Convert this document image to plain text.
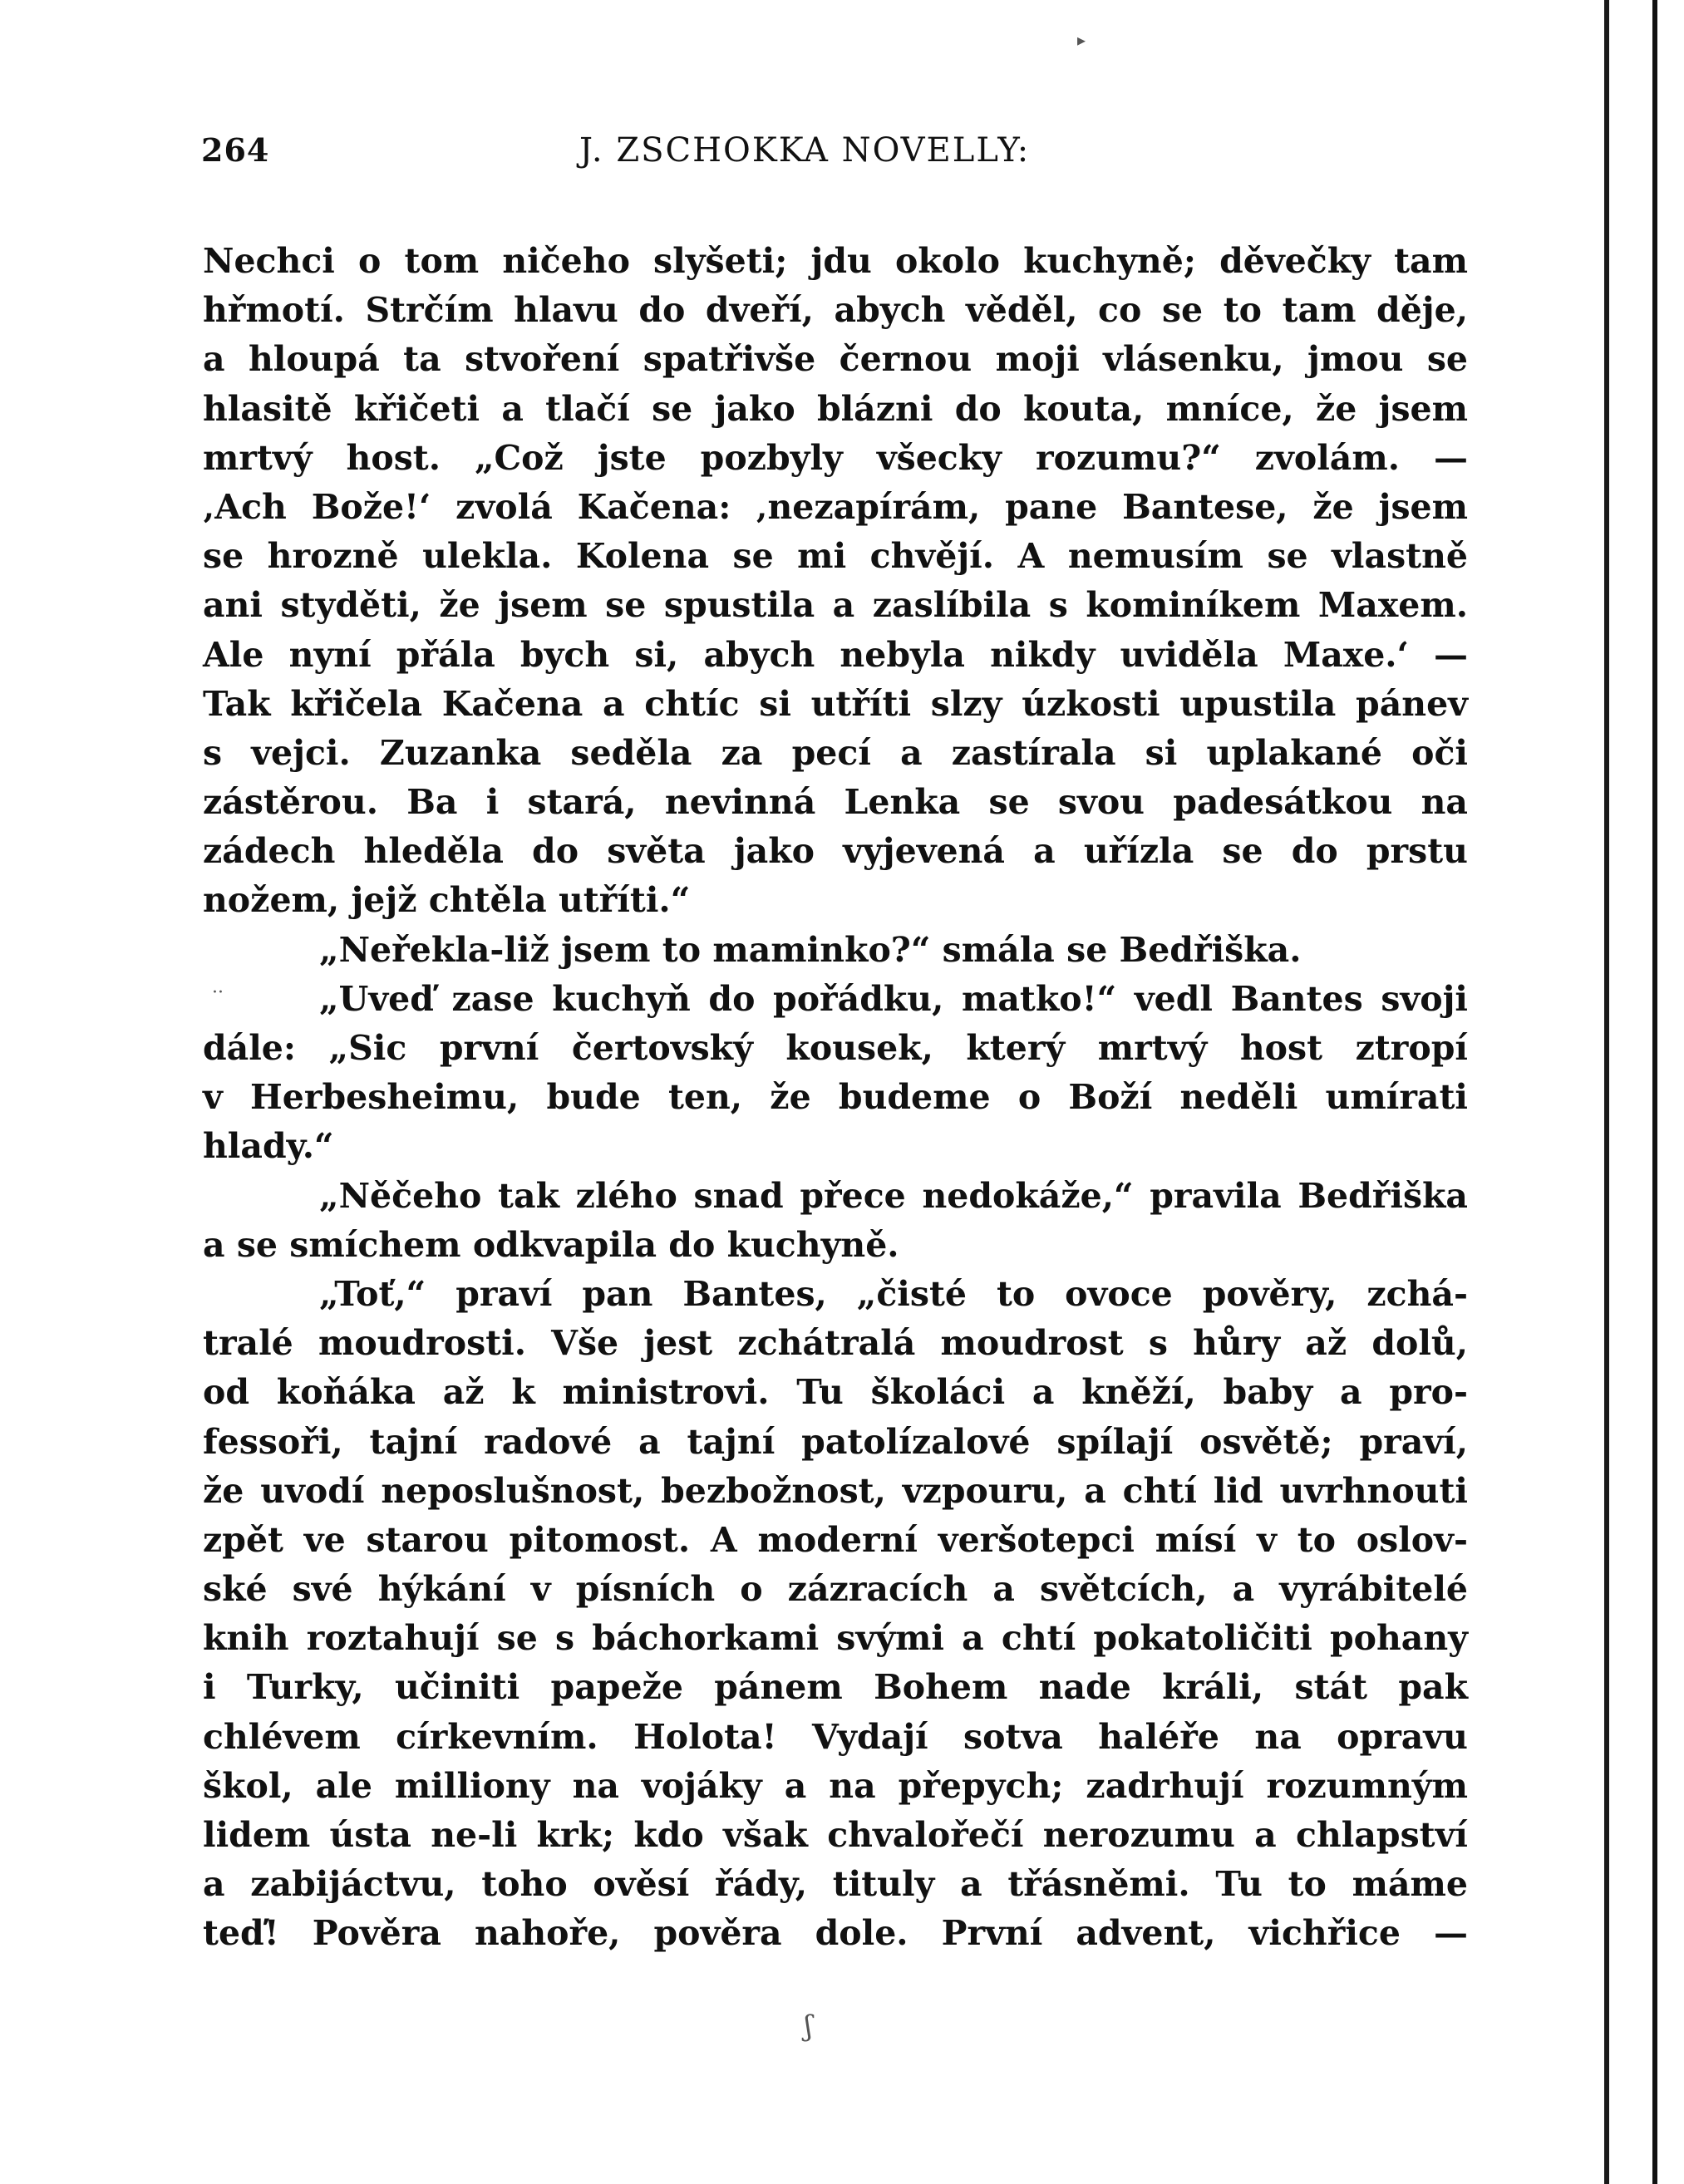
264	J. ZSCHOKKA NOVELLY:
Nechci o tom ničeho slyšeti; jdu okolo kuchyně; děvečky tam
hřmotí. Strčím hlavu do dveří, abych věděl, co se to tam děje,
a hloupá ta stvoření spatřivše černou moji vlásenku, jmou se
hlasitě křičeti a tlačí se jako blázni do kouta, mníce, že jsem
mrtvý host. „Což jste pozbyly všecky rozumu?“ zvolám. —
‚Ach Bože!‘ zvolá Kačena: ‚nezapírám, pane Bantese, že jsem
se hrozně ulekla. Kolena se mi chvějí. A nemusím se vlastně
ani styděti, že jsem se spustila a zaslíbila s kominíkem Maxem.
Ale nyní přála bych si, abych nebyla nikdy uviděla Maxe.‘ —
Tak křičela Kačena a chtíc si utříti slzy úzkosti upustila pánev
s vejci. Zuzanka seděla za pecí a zastírala si uplakané oči
zástěrou. Ba i stará, nevinná Lenka se svou padesátkou na
zádech hleděla do světa jako vyjevená a uřízla se do prstu
nožem, jejž chtěla utříti.“
„Neřekla-liž jsem to maminko?“ smála se Bedřiška.
„Uveď zase kuchyň do pořádku, matko!“ vedl Bantes svoji
dále: „Sic první čertovský kousek, který mrtvý host ztropí
v Herbesheimu, bude ten, že budeme o Boží neděli umírati
hlady.“
„Něčeho tak zlého snad přece nedokáže,“ pravila Bedřiška
a se smíchem odkvapila do kuchyně.
„Toť,“ praví pan Bantes, „čisté to ovoce pověry, zchá-
tralé moudrosti. Vše jest zchátralá moudrost s hůry až dolů,
od koňáka až k ministrovi. Tu školáci a kněží, baby a pro-
fessoři, tajní radové a tajní patolízalové spílají osvětě; praví,
že uvodí neposlušnost, bezbožnost, vzpouru, a chtí lid uvrhnouti
zpět ve starou pitomost. A moderní veršotepci mísí v to oslov-
ské své hýkání v písních o zázracích a světcích, a vyrábitelé
knih roztahují se s báchorkami svými a chtí pokatoličiti pohany
i Turky, učiniti papeže pánem Bohem nade králi, stát pak
chlévem církevním. Holota! Vydají sotva haléře na opravu
škol, ale milliony na vojáky a na přepych; zadrhují rozumným
lidem ústa ne-li krk; kdo však chvalořečí nerozumu a chlapství
a zabijáctvu, toho ověsí řády, tituly a třásněmi. Tu to máme
teď! Pověra nahoře, pověra dole. První advent, vichřice —
▸
··
ʃ
